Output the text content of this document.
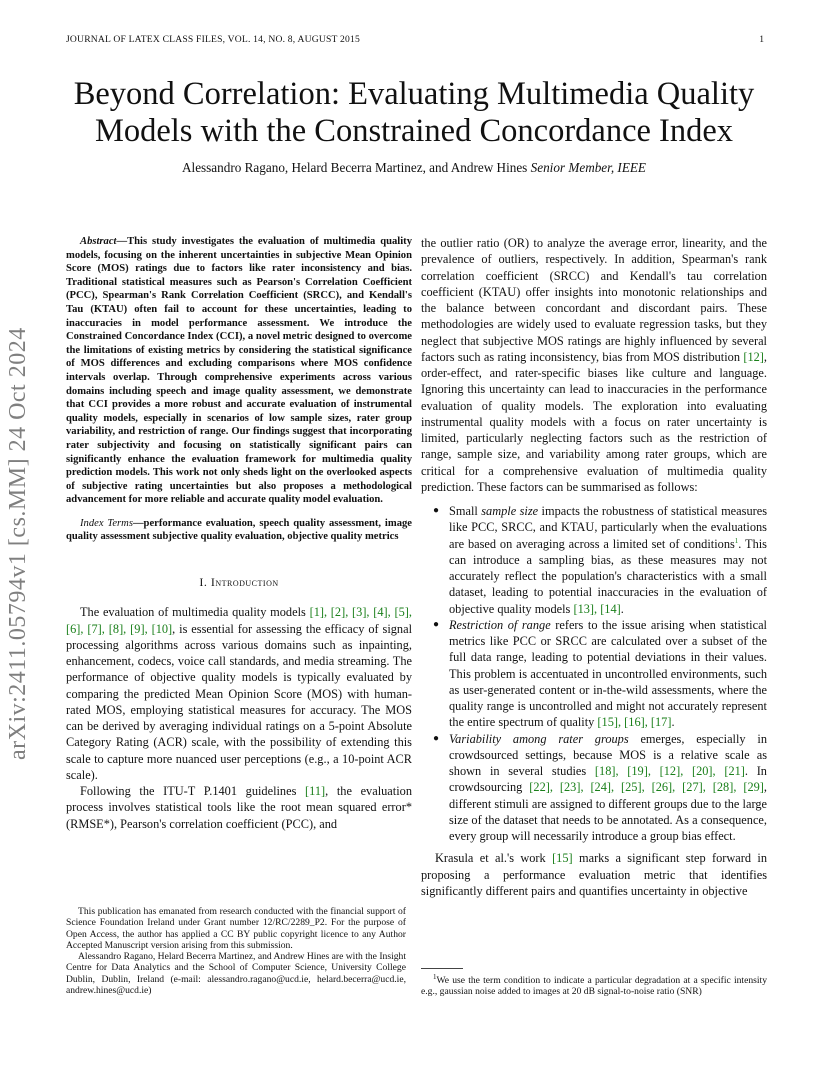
JOURNAL OF LATEX CLASS FILES, VOL. 14, NO. 8, AUGUST 2015	1
Beyond Correlation: Evaluating Multimedia Quality Models with the Constrained Concordance Index
Alessandro Ragano, Helard Becerra Martinez, and Andrew Hines Senior Member, IEEE
arXiv:2411.05794v1 [cs.MM] 24 Oct 2024

Abstract—This study investigates the evaluation of multimedia quality models, focusing on the inherent uncertainties in subjective Mean Opinion Score (MOS) ratings due to factors like rater inconsistency and bias. Traditional statistical measures such as Pearson's Correlation Coefficient (PCC), Spearman's Rank Correlation Coefficient (SRCC), and Kendall's Tau (KTAU) often fail to account for these uncertainties, leading to inaccuracies in model performance assessment. We introduce the Constrained Concordance Index (CCI), a novel metric designed to overcome the limitations of existing metrics by considering the statistical significance of MOS differences and excluding comparisons where MOS confidence intervals overlap. Through comprehensive experiments across various domains including speech and image quality assessment, we demonstrate that CCI provides a more robust and accurate evaluation of instrumental quality models, especially in scenarios of low sample sizes, rater group variability, and restriction of range. Our findings suggest that incorporating rater subjectivity and focusing on statistically significant pairs can significantly enhance the evaluation framework for multimedia quality prediction models. This work not only sheds light on the overlooked aspects of subjective rating uncertainties but also proposes a methodological advancement for more reliable and accurate quality model evaluation.

Index Terms—performance evaluation, speech quality assessment, image quality assessment subjective quality evaluation, objective quality metrics

I. Introduction

The evaluation of multimedia quality models [1], [2], [3], [4], [5], [6], [7], [8], [9], [10], is essential for assessing the efficacy of signal processing algorithms across various domains such as inpainting, enhancement, codecs, voice call standards, and media streaming. The performance of objective quality models is typically evaluated by comparing the predicted Mean Opinion Score (MOS) with human-rated MOS, employing statistical measures for accuracy. The MOS can be derived by averaging individual ratings on a 5-point Absolute Category Rating (ACR) scale, with the possibility of extending this scale to capture more nuanced user perceptions (e.g., a 10-point ACR scale).

Following the ITU-T P.1401 guidelines [11], the evaluation process involves statistical tools like the root mean squared error* (RMSE*), Pearson's correlation coefficient (PCC), and

This publication has emanated from research conducted with the financial support of Science Foundation Ireland under Grant number 12/RC/2289_P2. For the purpose of Open Access, the author has applied a CC BY public copyright licence to any Author Accepted Manuscript version arising from this submission.

Alessandro Ragano, Helard Becerra Martinez, and Andrew Hines are with the Insight Centre for Data Analytics and the School of Computer Science, University College Dublin, Dublin, Ireland (e-mail: alessandro.ragano@ucd.ie, helard.becerra@ucd.ie, andrew.hines@ucd.ie)

the outlier ratio (OR) to analyze the average error, linearity, and the prevalence of outliers, respectively. In addition, Spearman's rank correlation coefficient (SRCC) and Kendall's tau correlation coefficient (KTAU) offer insights into monotonic relationships and the balance between concordant and discordant pairs. These methodologies are widely used to evaluate regression tasks, but they neglect that subjective MOS ratings are highly influenced by several factors such as rating inconsistency, bias from MOS distribution [12], order-effect, and rater-specific biases like culture and language. Ignoring this uncertainty can lead to inaccuracies in the performance evaluation of quality models. The exploration into evaluating instrumental quality models with a focus on rater uncertainty is limited, particularly neglecting factors such as the restriction of range, sample size, and variability among rater groups, which are critical for a comprehensive evaluation of multimedia quality prediction. These factors can be summarised as follows:

● Small sample size impacts the robustness of statistical measures like PCC, SRCC, and KTAU, particularly when the evaluations are based on averaging across a limited set of conditions$^1$. This can introduce a sampling bias, as these measures may not accurately reflect the population's characteristics with a small dataset, leading to potential inaccuracies in the evaluation of objective quality models [13], [14].
● Restriction of range refers to the issue arising when statistical metrics like PCC or SRCC are calculated over a subset of the full data range, leading to potential deviations in their values. This problem is accentuated in uncontrolled environments, such as user-generated content or in-the-wild assessments, where the quality range is uncontrolled and might not accurately represent the entire spectrum of quality [15], [16], [17].
● Variability among rater groups emerges, especially in crowdsourced settings, because MOS is a relative scale as shown in several studies [18], [19], [12], [20], [21]. In crowdsourcing [22], [23], [24], [25], [26], [27], [28], [29], different stimuli are assigned to different groups due to the large size of the dataset that needs to be annotated. As a consequence, every group will necessarily introduce a group bias effect.

Krasula et al.'s work [15] marks a significant step forward in proposing a performance evaluation metric that identifies significantly different pairs and quantifies uncertainty in objective

$^1$We use the term condition to indicate a particular degradation at a specific intensity e.g., gaussian noise added to images at 20 dB signal-to-noise ratio (SNR)
